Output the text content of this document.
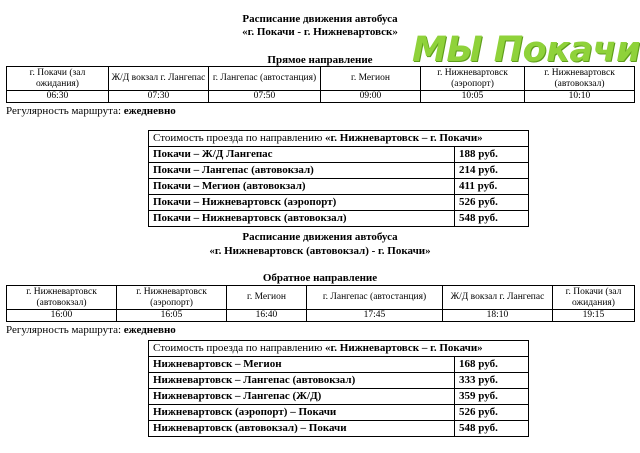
Расписание движения автобуса
«г. Покачи - г. Нижневартовск»
Прямое направление	МЫ Покачи
г. Покачи (зал ожидания)	Ж/Д вокзал г. Лангепас	г. Лангепас (автостанция)	г. Мегион	г. Нижневартовск (аэропорт)	г. Нижневартовск (автовокзал)
06:30	07:30	07:50	09:00	10:05	10:10
Регулярность маршрута: ежедневно
Стоимость проезда по направлению «г. Нижневартовск – г. Покачи»	
Покачи – Ж/Д Лангепас	188 руб.
Покачи – Лангепас (автовокзал)	214 руб.
Покачи – Мегион (автовокзал)	411 руб.
Покачи – Нижневартовск (аэропорт)	526 руб.
Покачи – Нижневартовск (автовокзал)	548 руб.
Расписание движения автобуса
«г. Нижневартовск (автовокзал) - г. Покачи»
Обратное направление
г. Нижневартовск (автовокзал)	г. Нижневартовск (аэропорт)	г. Мегион	г. Лангепас (автостанция)	Ж/Д вокзал г. Лангепас	г. Покачи (зал ожидания)
16:00	16:05	16:40	17:45	18:10	19:15
Регулярность маршрута: ежедневно
Стоимость проезда по направлению «г. Нижневартовск – г. Покачи»	
Нижневартовск – Мегион	168 руб.
Нижневартовск – Лангепас (автовокзал)	333 руб.
Нижневартовск – Лангепас (Ж/Д)	359 руб.
Нижневартовск (аэропорт) – Покачи	526 руб.
Нижневартовск (автовокзал) – Покачи	548 руб.
